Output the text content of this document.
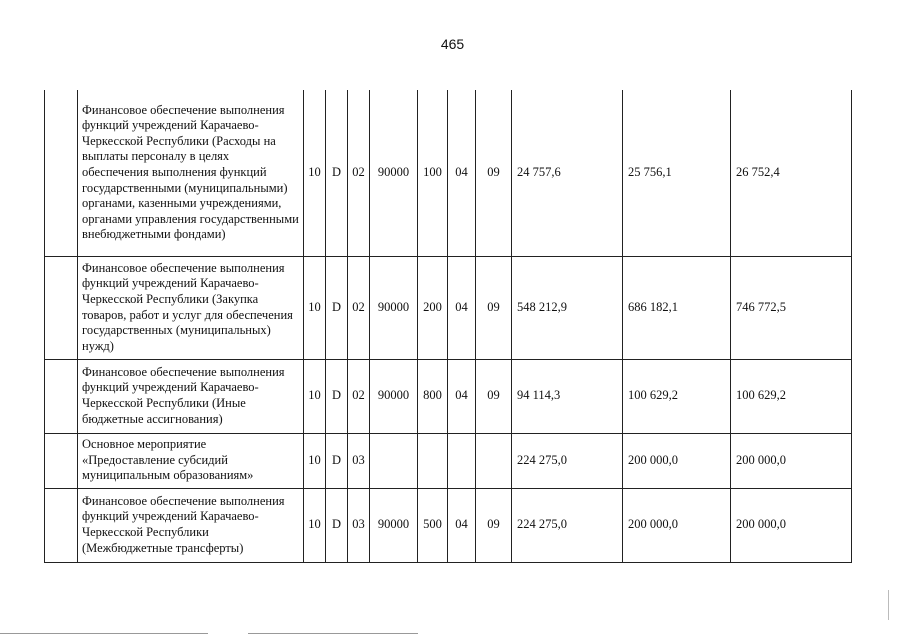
465
	Финансовое обеспечение выполнения функций учреждений Карачаево-Черкесской Республики (Расходы на выплаты персоналу в целях обеспечения выполнения функций государственными (муниципальными) органами, казенными учреждениями, органами управления государственными внебюджетными фондами)	10	D	02	90000	100	04	09	24 757,6	25 756,1	26 752,4
	Финансовое обеспечение выполнения функций учреждений Карачаево-Черкесской Республики (Закупка товаров, работ и услуг для обеспечения государственных (муниципальных) нужд)	10	D	02	90000	200	04	09	548 212,9	686 182,1	746 772,5
	Финансовое обеспечение выполнения функций учреждений Карачаево-Черкесской Республики (Иные бюджетные ассигнования)	10	D	02	90000	800	04	09	94 114,3	100 629,2	100 629,2
	Основное мероприятие «Предоставление субсидий муниципальным образованиям»	10	D	03					224 275,0	200 000,0	200 000,0
	Финансовое обеспечение выполнения функций учреждений Карачаево-Черкесской Республики (Межбюджетные трансферты)	10	D	03	90000	500	04	09	224 275,0	200 000,0	200 000,0
